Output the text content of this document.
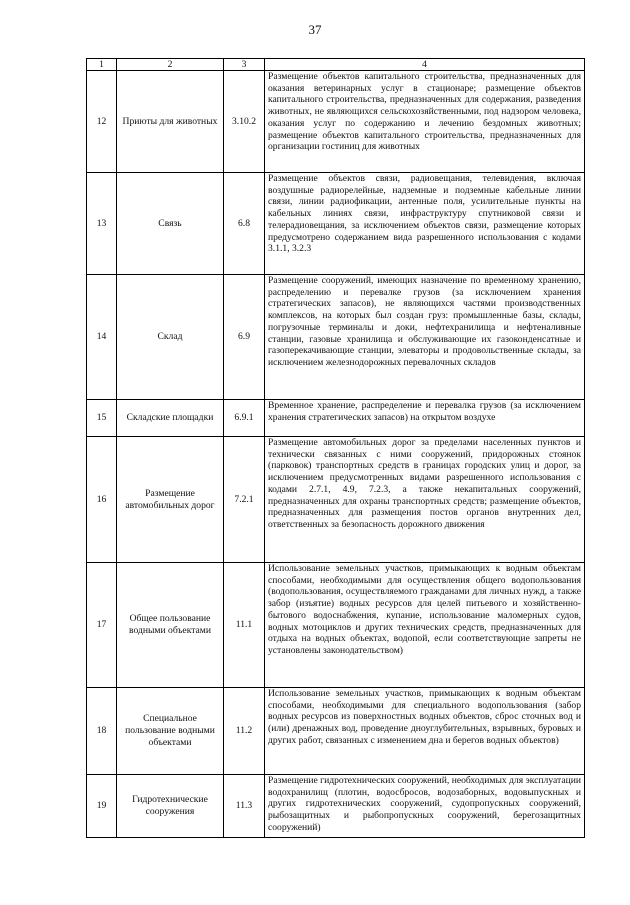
37
1	2	3	4
12	Приюты для животных	3.10.2	Размещение объектов капитального строительства, предназначенных для оказания ветеринарных услуг в стационаре; размещение объектов капитального строительства, предназначенных для содержания, разведения животных, не являющихся сельскохозяйственными, под надзором человека, оказания услуг по содержанию и лечению бездомных животных; размещение объектов капитального строительства, предназначенных для организации гостиниц для животных
13	Связь	6.8	Размещение объектов связи, радиовещания, телевидения, включая воздушные радиорелейные, надземные и подземные кабельные линии связи, линии радиофикации, антенные поля, усилительные пункты на кабельных линиях связи, инфраструктуру спутниковой связи и телерадиовещания, за исключением объектов связи, размещение которых предусмотрено содержанием вида разрешенного использования с кодами 3.1.1, 3.2.3
14	Склад	6.9	Размещение сооружений, имеющих назначение по временному хранению, распределению и перевалке грузов (за исключением хранения стратегических запасов), не являющихся частями производственных комплексов, на которых был создан груз: промышленные базы, склады, погрузочные терминалы и доки, нефтехранилища и нефтеналивные станции, газовые хранилища и обслуживающие их газоконденсатные и газоперекачивающие станции, элеваторы и продовольственные склады, за исключением железнодорожных перевалочных складов
15	Складские площадки	6.9.1	Временное хранение, распределение и перевалка грузов (за исключением хранения стратегических запасов) на открытом воздухе
16	Размещение автомобильных дорог	7.2.1	Размещение автомобильных дорог за пределами населенных пунктов и технически связанных с ними сооружений, придорожных стоянок (парковок) транспортных средств в границах городских улиц и дорог, за исключением предусмотренных видами разрешенного использования с кодами 2.7.1, 4.9, 7.2.3, а также некапитальных сооружений, предназначенных для охраны транспортных средств; размещение объектов, предназначенных для размещения постов органов внутренних дел, ответственных за безопасность дорожного движения
17	Общее пользование водными объектами	11.1	Использование земельных участков, примыкающих к водным объектам способами, необходимыми для осуществления общего водопользования (водопользования, осуществляемого гражданами для личных нужд, а также забор (изъятие) водных ресурсов для целей питьевого и хозяйственно-бытового водоснабжения, купание, использование маломерных судов, водных мотоциклов и других технических средств, предназначенных для отдыха на водных объектах, водопой, если соответствующие запреты не установлены законодательством)
18	Специальное пользование водными объектами	11.2	Использование земельных участков, примыкающих к водным объектам способами, необходимыми для специального водопользования (забор водных ресурсов из поверхностных водных объектов, сброс сточных вод и (или) дренажных вод, проведение дноуглубительных, взрывных, буровых и других работ, связанных с изменением дна и берегов водных объектов)
19	Гидротехнические сооружения	11.3	Размещение гидротехнических сооружений, необходимых для эксплуатации водохранилищ (плотин, водосбросов, водозаборных, водовыпускных и других гидротехнических сооружений, судопропускных сооружений, рыбозащитных и рыбопропускных сооружений, берегозащитных сооружений)
